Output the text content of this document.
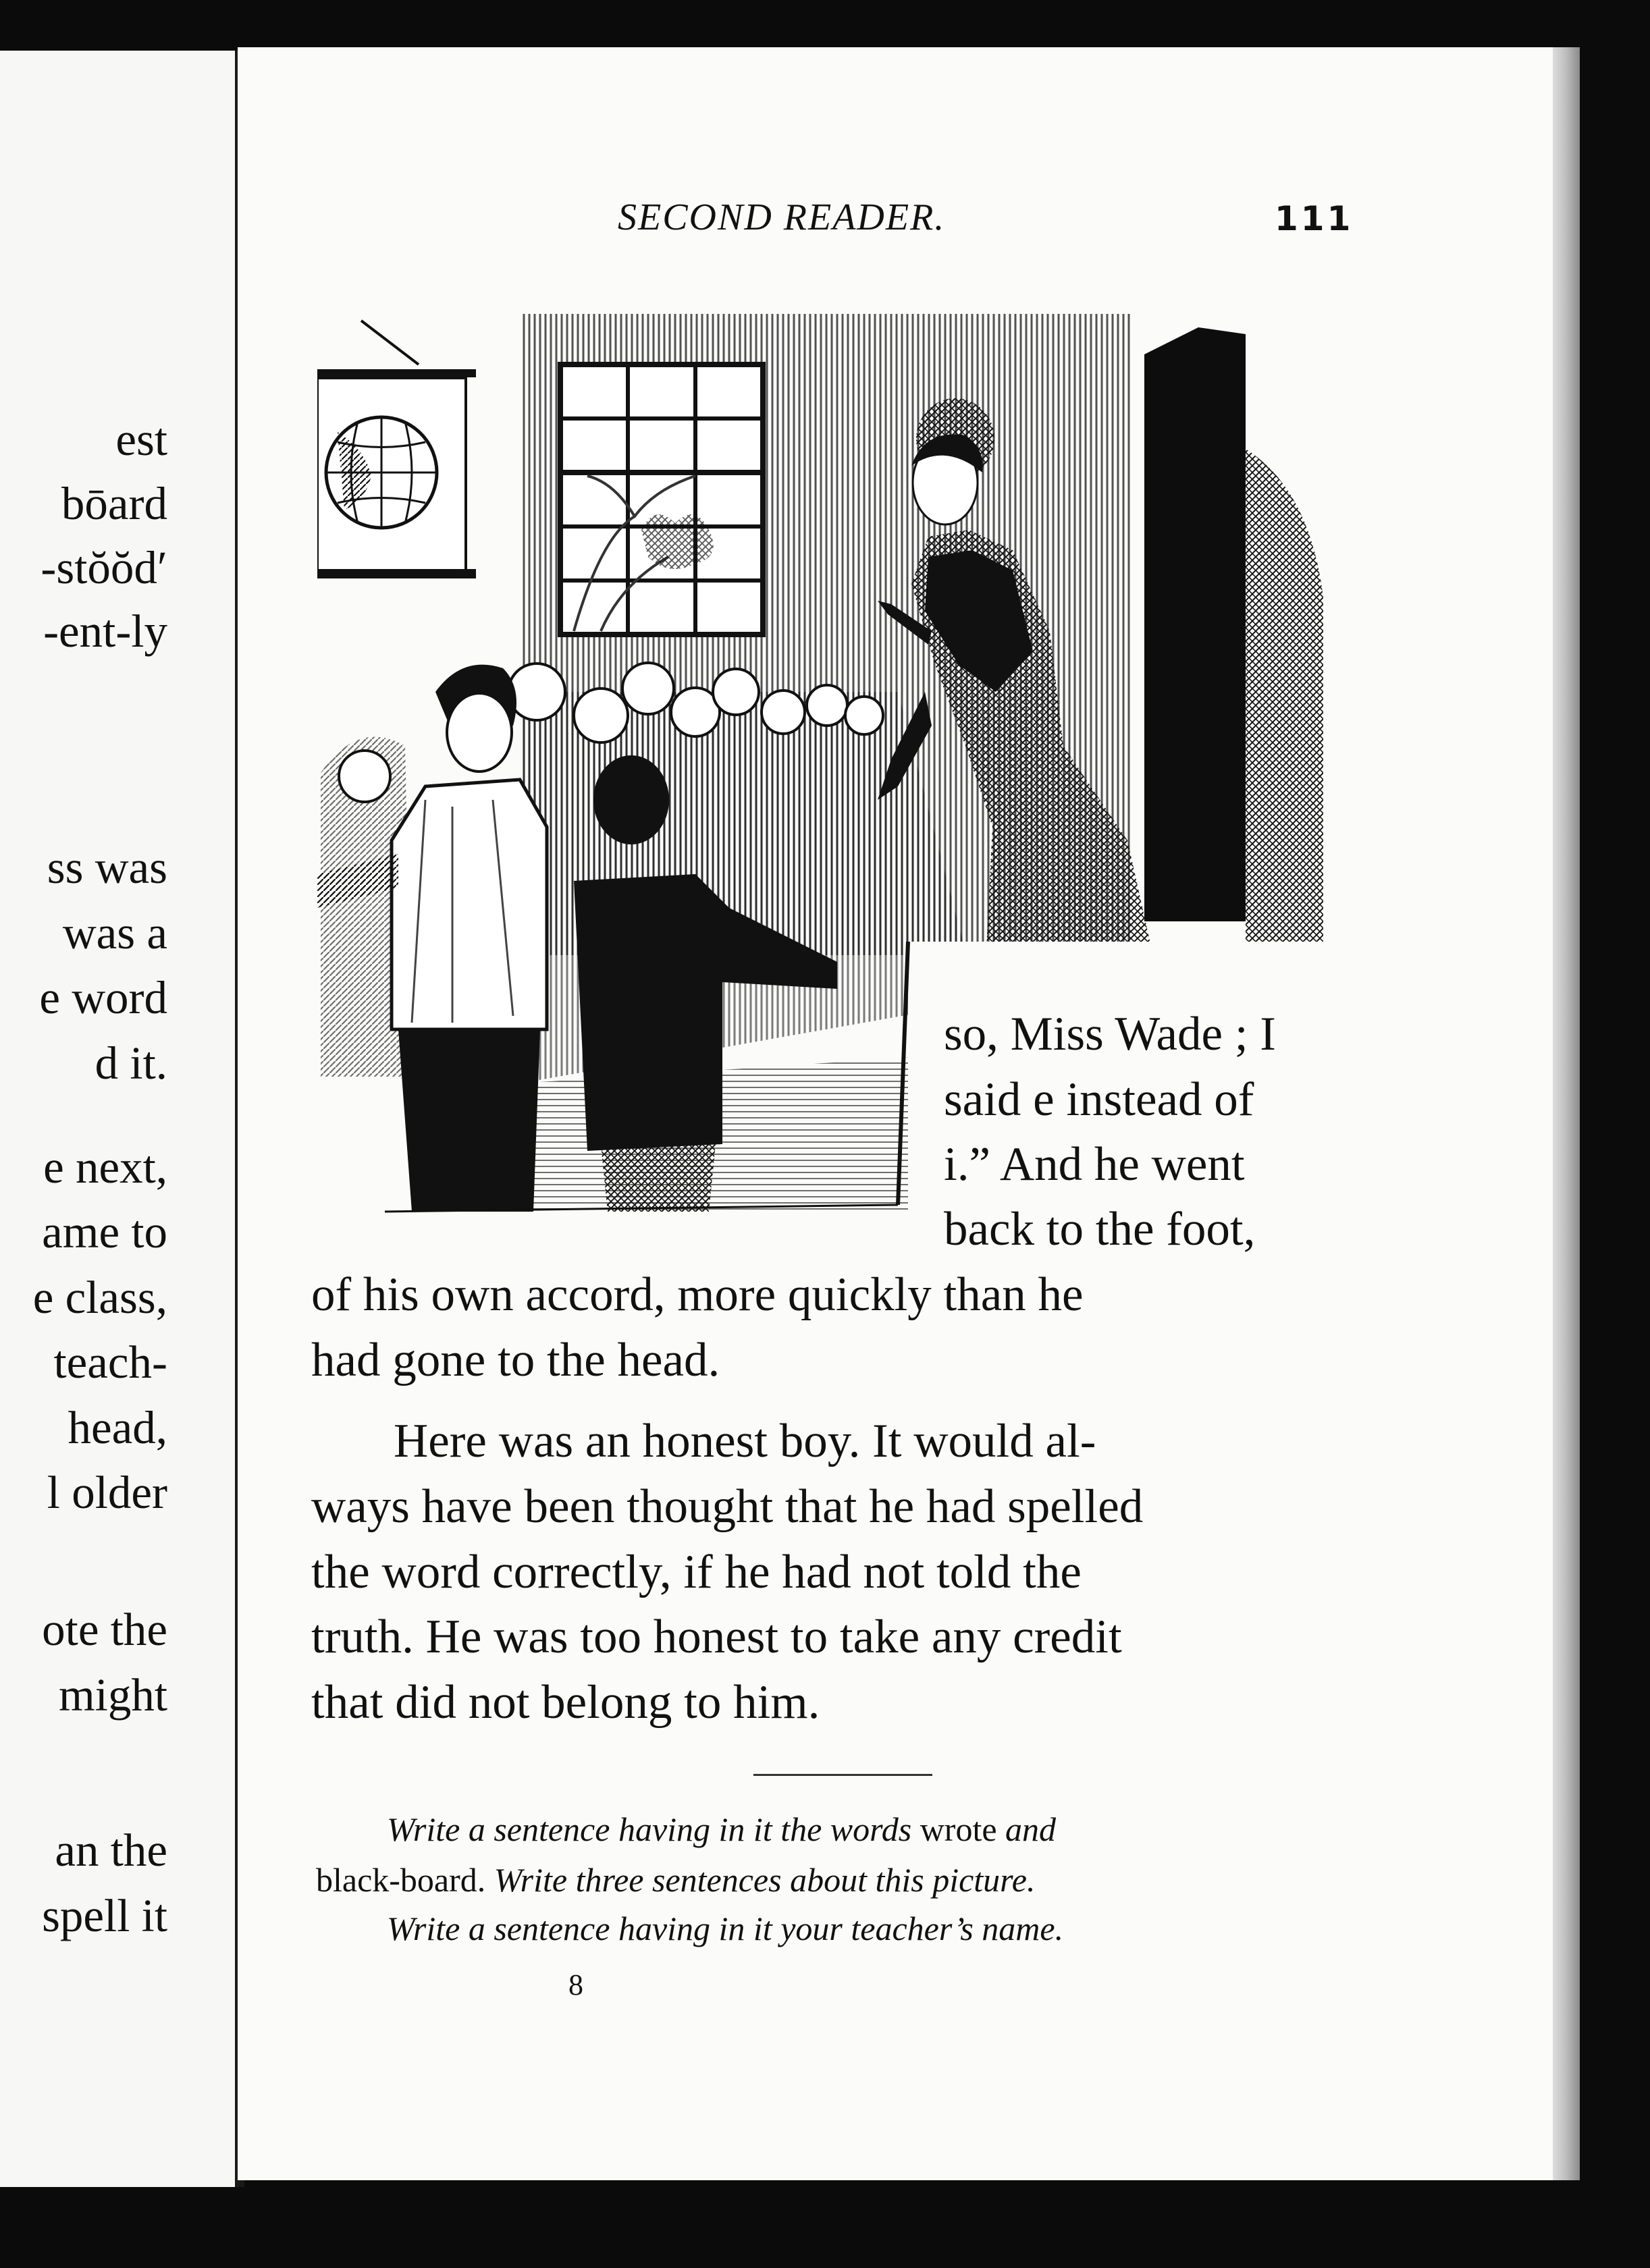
est
bōard
-stŏŏd′
-ent-ly
ss was
was a
e word
d it.
e next,
ame to
e class,
teach-
head,
l older
ote the
might
an the
spell it
SECOND READER.	111
so, Miss Wade ; I
said e instead of
i.” And he went
back to the foot,
of his own accord, more quickly than he
had gone to the head.
Here was an honest boy. It would al-
ways have been thought that he had spelled
the word correctly, if he had not told the
truth. He was too honest to take any credit
that did not belong to him.
Write a sentence having in it the words wrote and
black-board. Write three sentences about this picture.
Write a sentence having in it your teacher’s name.
8
